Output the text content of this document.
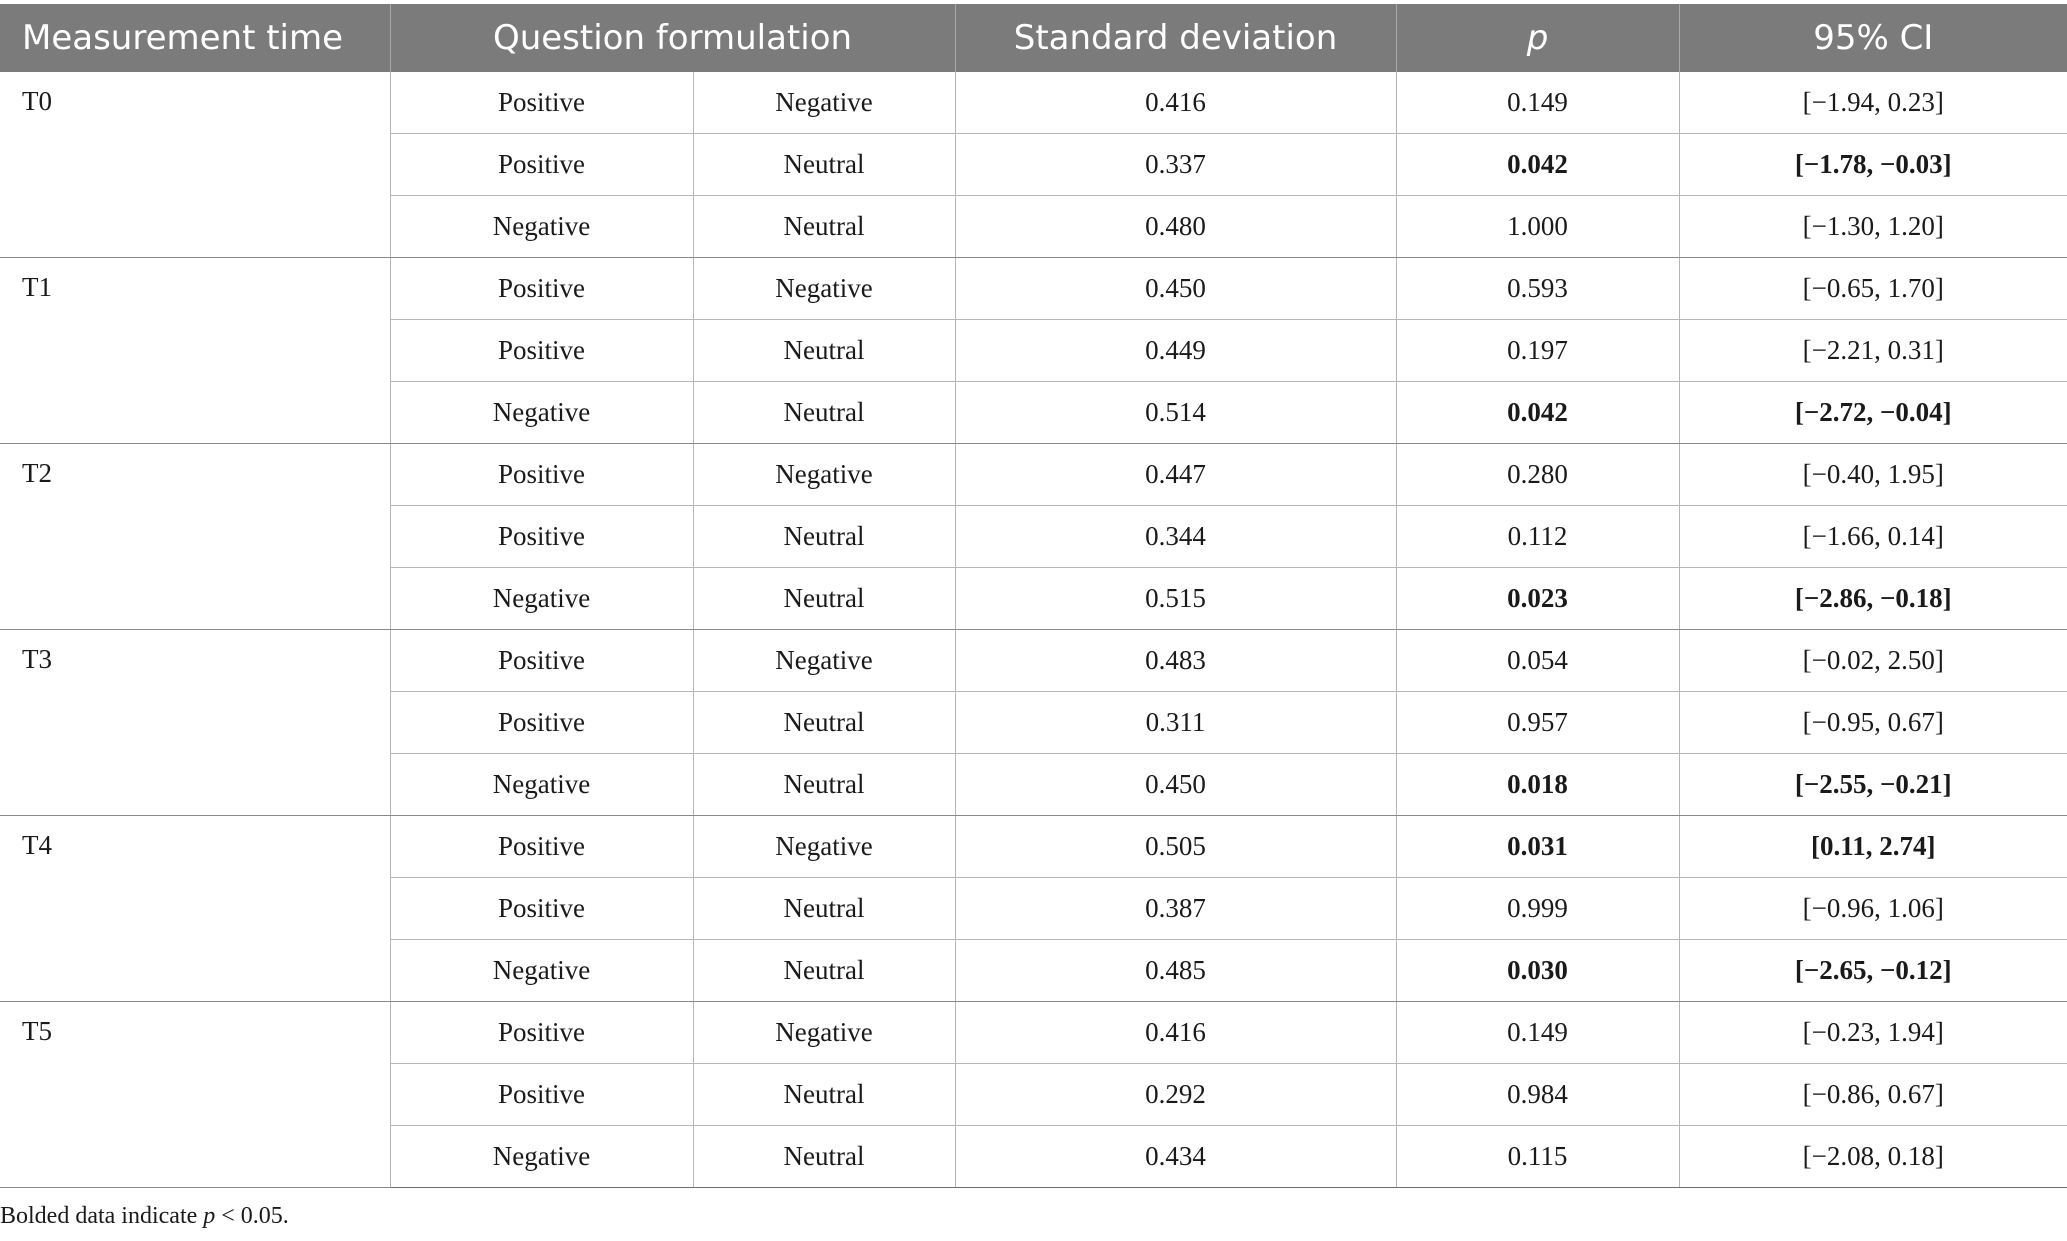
Measurement time	Question formulation		Standard deviation	p	95% CI
T0	Positive	Negative	0.416	0.149	[−1.94, 0.23]
	Positive	Neutral	0.337	0.042	[−1.78, −0.03]
	Negative	Neutral	0.480	1.000	[−1.30, 1.20]
T1	Positive	Negative	0.450	0.593	[−0.65, 1.70]
	Positive	Neutral	0.449	0.197	[−2.21, 0.31]
	Negative	Neutral	0.514	0.042	[−2.72, −0.04]
T2	Positive	Negative	0.447	0.280	[−0.40, 1.95]
	Positive	Neutral	0.344	0.112	[−1.66, 0.14]
	Negative	Neutral	0.515	0.023	[−2.86, −0.18]
T3	Positive	Negative	0.483	0.054	[−0.02, 2.50]
	Positive	Neutral	0.311	0.957	[−0.95, 0.67]
	Negative	Neutral	0.450	0.018	[−2.55, −0.21]
T4	Positive	Negative	0.505	0.031	[0.11, 2.74]
	Positive	Neutral	0.387	0.999	[−0.96, 1.06]
	Negative	Neutral	0.485	0.030	[−2.65, −0.12]
T5	Positive	Negative	0.416	0.149	[−0.23, 1.94]
	Positive	Neutral	0.292	0.984	[−0.86, 0.67]
	Negative	Neutral	0.434	0.115	[−2.08, 0.18]
Bolded data indicate p < 0.05.
